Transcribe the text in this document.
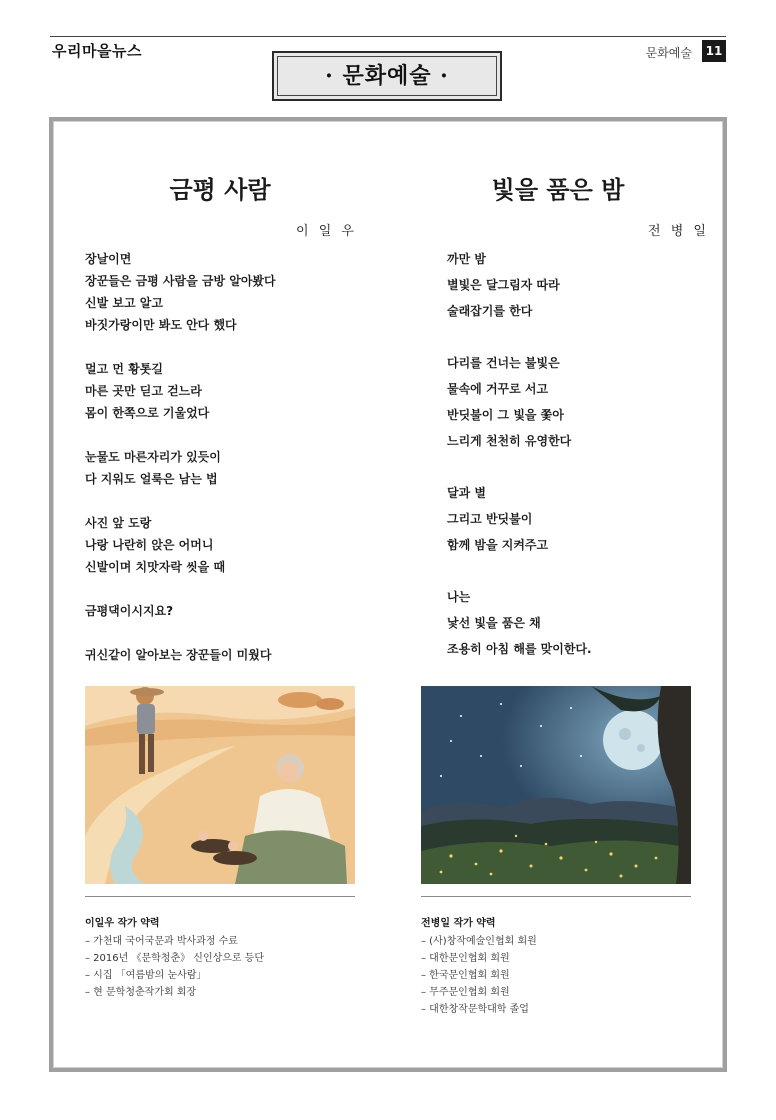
우리마을뉴스	문화예술	11
· 문화예술 ·
금평 사람
이 일 우
장날이면
장꾼들은 금평 사람을 금방 알아봤다
신발 보고 알고
바짓가랑이만 봐도 안다 했다
멀고 먼 황톳길
마른 곳만 딛고 걷느라
몸이 한쪽으로 기울었다
눈물도 마른자리가 있듯이
다 지워도 얼룩은 남는 법
사진 앞 도랑
나랑 나란히 앉은 어머니
신발이며 치맛자락 씻을 때
금평댁이시지요?
귀신같이 알아보는 장꾼들이 미웠다
빛을 품은 밤
전 병 일
까만 밤
별빛은 달그림자 따라
술래잡기를 한다
다리를 건너는 불빛은
물속에 거꾸로 서고
반딧불이 그 빛을 쫓아
느리게 천천히 유영한다
달과 별
그리고 반딧불이
함께 밤을 지켜주고
나는
낯선 빛을 품은 채
조용히 아침 해를 맞이한다.
이일우 작가 약력
– 가천대 국어국문과 박사과정 수료
– 2016년 《문학청춘》 신인상으로 등단
– 시집 「여름밤의 눈사람」
– 현 문학청춘작가회 회장
전병일 작가 약력
– (사)창작예술인협회 회원
– 대한문인협회 회원
– 한국문인협회 회원
– 무주문인협회 회원
– 대한창작문학대학 졸업
